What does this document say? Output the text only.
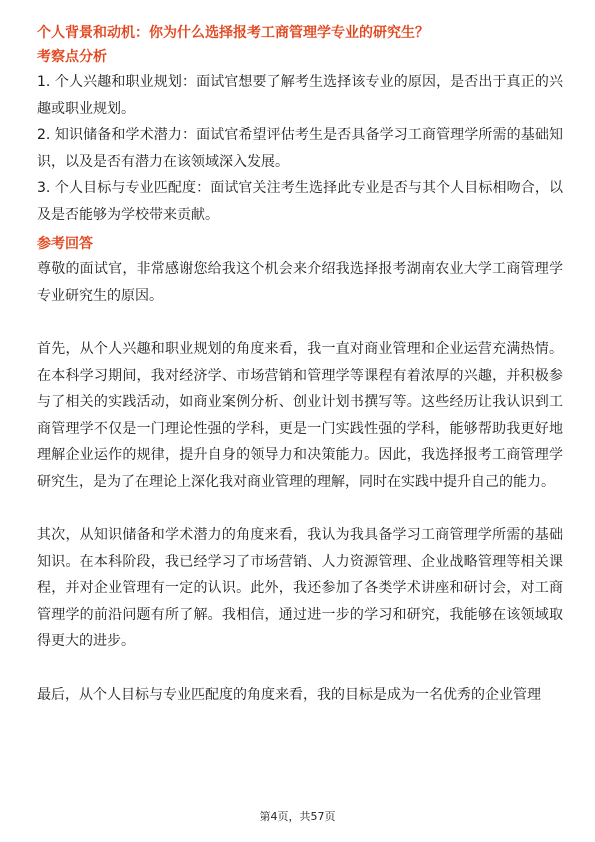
个人背景和动机：你为什么选择报考工商管理学专业的研究生？

考察点分析

1. 个人兴趣和职业规划：面试官想要了解考生选择该专业的原因，是否出于真正的兴趣或职业规划。

2. 知识储备和学术潜力：面试官希望评估考生是否具备学习工商管理学所需的基础知识，以及是否有潜力在该领域深入发展。

3. 个人目标与专业匹配度：面试官关注考生选择此专业是否与其个人目标相吻合，以及是否能够为学校带来贡献。

参考回答

尊敬的面试官，非常感谢您给我这个机会来介绍我选择报考湖南农业大学工商管理学专业研究生的原因。

首先，从个人兴趣和职业规划的角度来看，我一直对商业管理和企业运营充满热情。在本科学习期间，我对经济学、市场营销和管理学等课程有着浓厚的兴趣，并积极参与了相关的实践活动，如商业案例分析、创业计划书撰写等。这些经历让我认识到工商管理学不仅是一门理论性强的学科，更是一门实践性强的学科，能够帮助我更好地理解企业运作的规律，提升自身的领导力和决策能力。因此，我选择报考工商管理学研究生，是为了在理论上深化我对商业管理的理解，同时在实践中提升自己的能力。

其次，从知识储备和学术潜力的角度来看，我认为我具备学习工商管理学所需的基础知识。在本科阶段，我已经学习了市场营销、人力资源管理、企业战略管理等相关课程，并对企业管理有一定的认识。此外，我还参加了各类学术讲座和研讨会，对工商管理学的前沿问题有所了解。我相信，通过进一步的学习和研究，我能够在该领域取得更大的进步。

最后，从个人目标与专业匹配度的角度来看，我的目标是成为一名优秀的企业管理

第4页，共57页
